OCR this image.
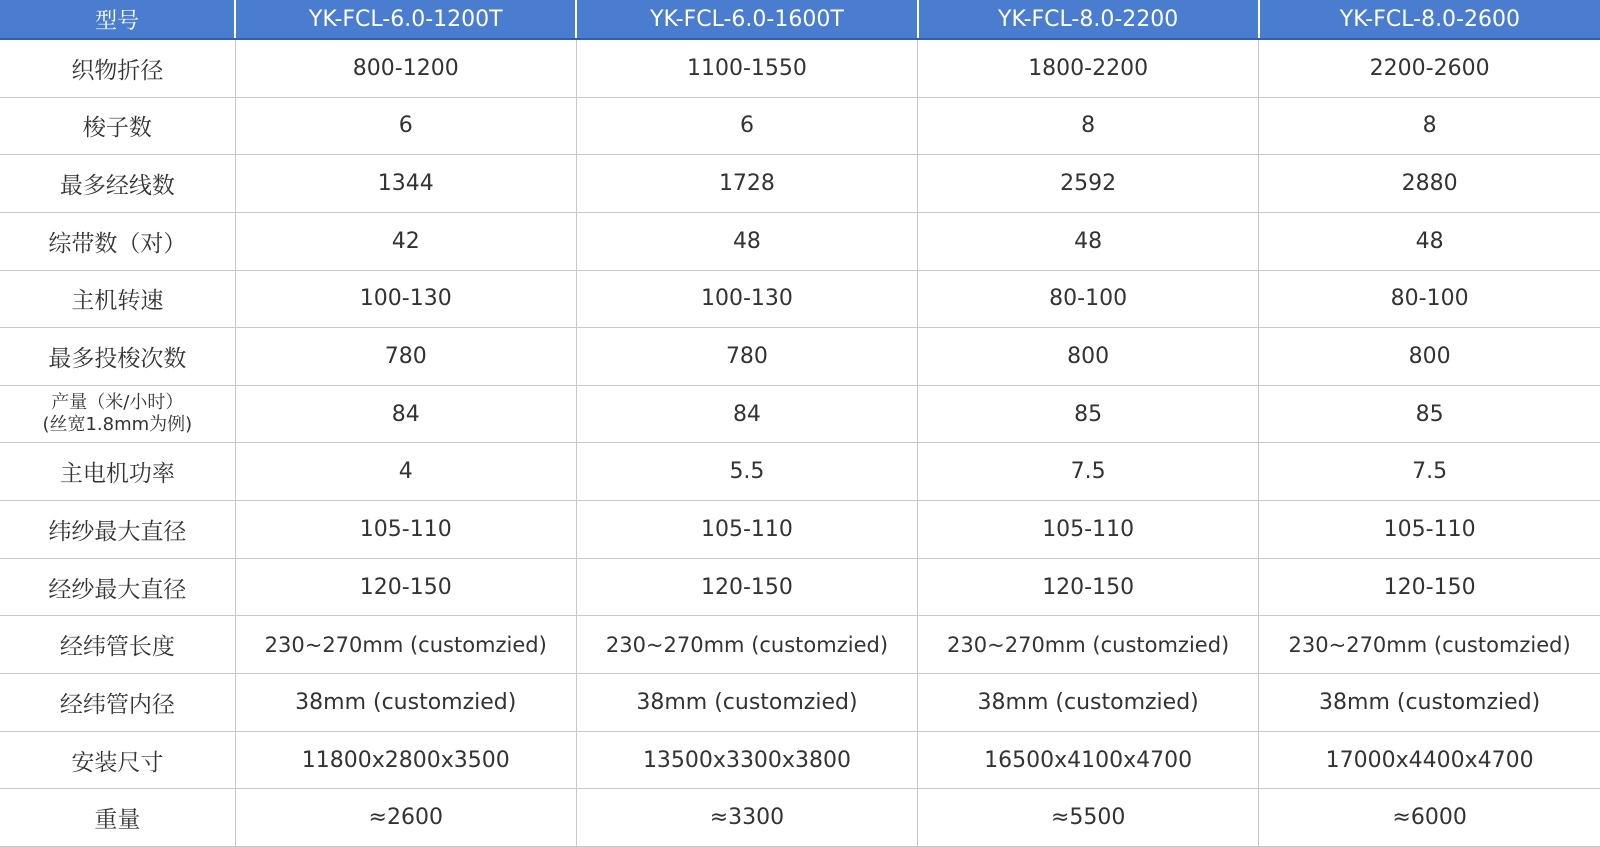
型号	YK-FCL-6.0-1200T	YK-FCL-6.0-1600T	YK-FCL-8.0-2200	YK-FCL-8.0-2600
织物折径	800-1200	1100-1550	1800-2200	2200-2600
梭子数	6	6	8	8
最多经线数	1344	1728	2592	2880
综带数（对）	42	48	48	48
主机转速	100-130	100-130	80-100	80-100
最多投梭次数	780	780	800	800

产量（米/小时）
(丝宽1.8mm为例)	84	84	85	85
主电机功率	4	5.5	7.5	7.5
纬纱最大直径	105-110	105-110	105-110	105-110
经纱最大直径	120-150	120-150	120-150	120-150
经纬管长度	230~270mm (customzied)	230~270mm (customzied)	230~270mm (customzied)	230~270mm (customzied)
经纬管内径	38mm (customzied)	38mm (customzied)	38mm (customzied)	38mm (customzied)
安装尺寸	11800x2800x3500	13500x3300x3800	16500x4100x4700	17000x4400x4700
重量	≈2600	≈3300	≈5500	≈6000
